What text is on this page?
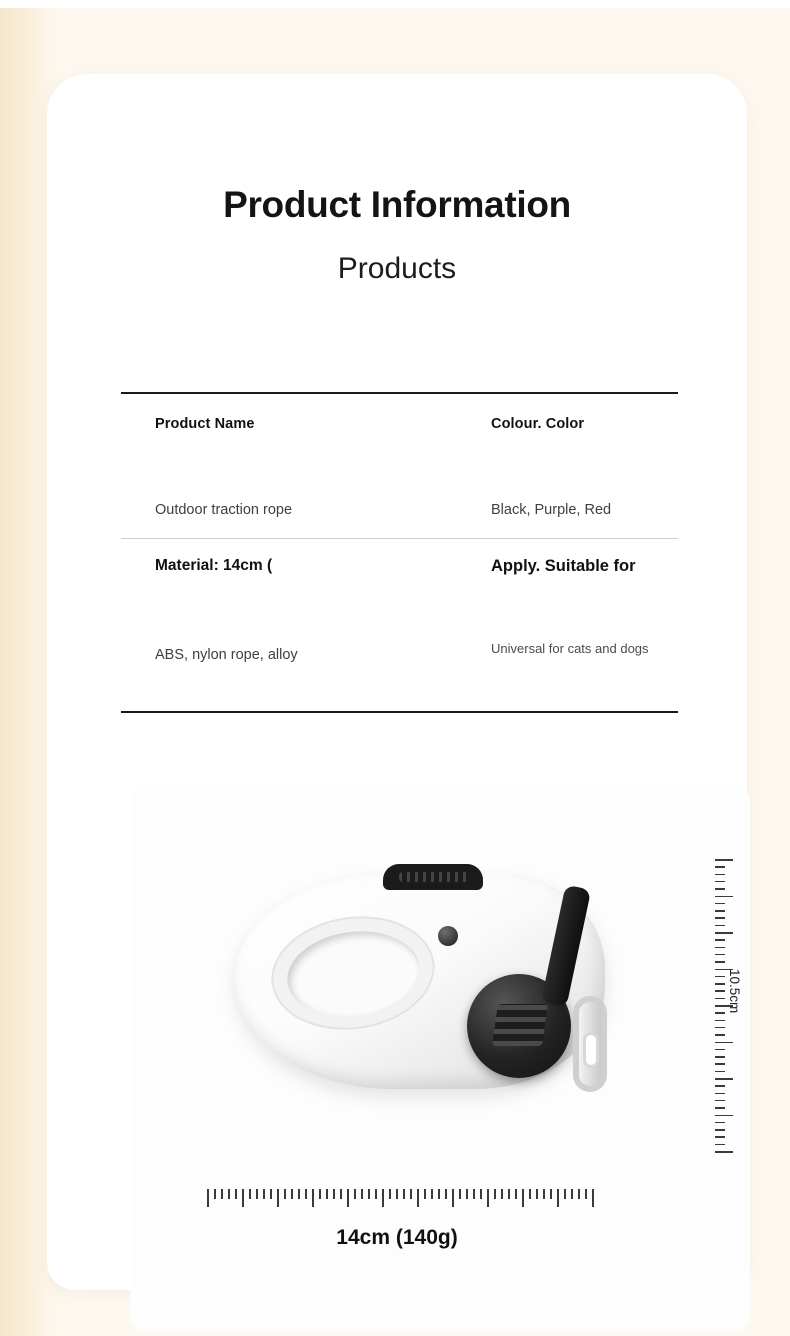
Product Information
Products
Product Name	Colour. Color
Outdoor traction rope	Black, Purple, Red
Material: 14cm (	Apply. Suitable for
ABS, nylon rope, alloy	Universal for cats and dogs
10.5cm
14cm (140g)
